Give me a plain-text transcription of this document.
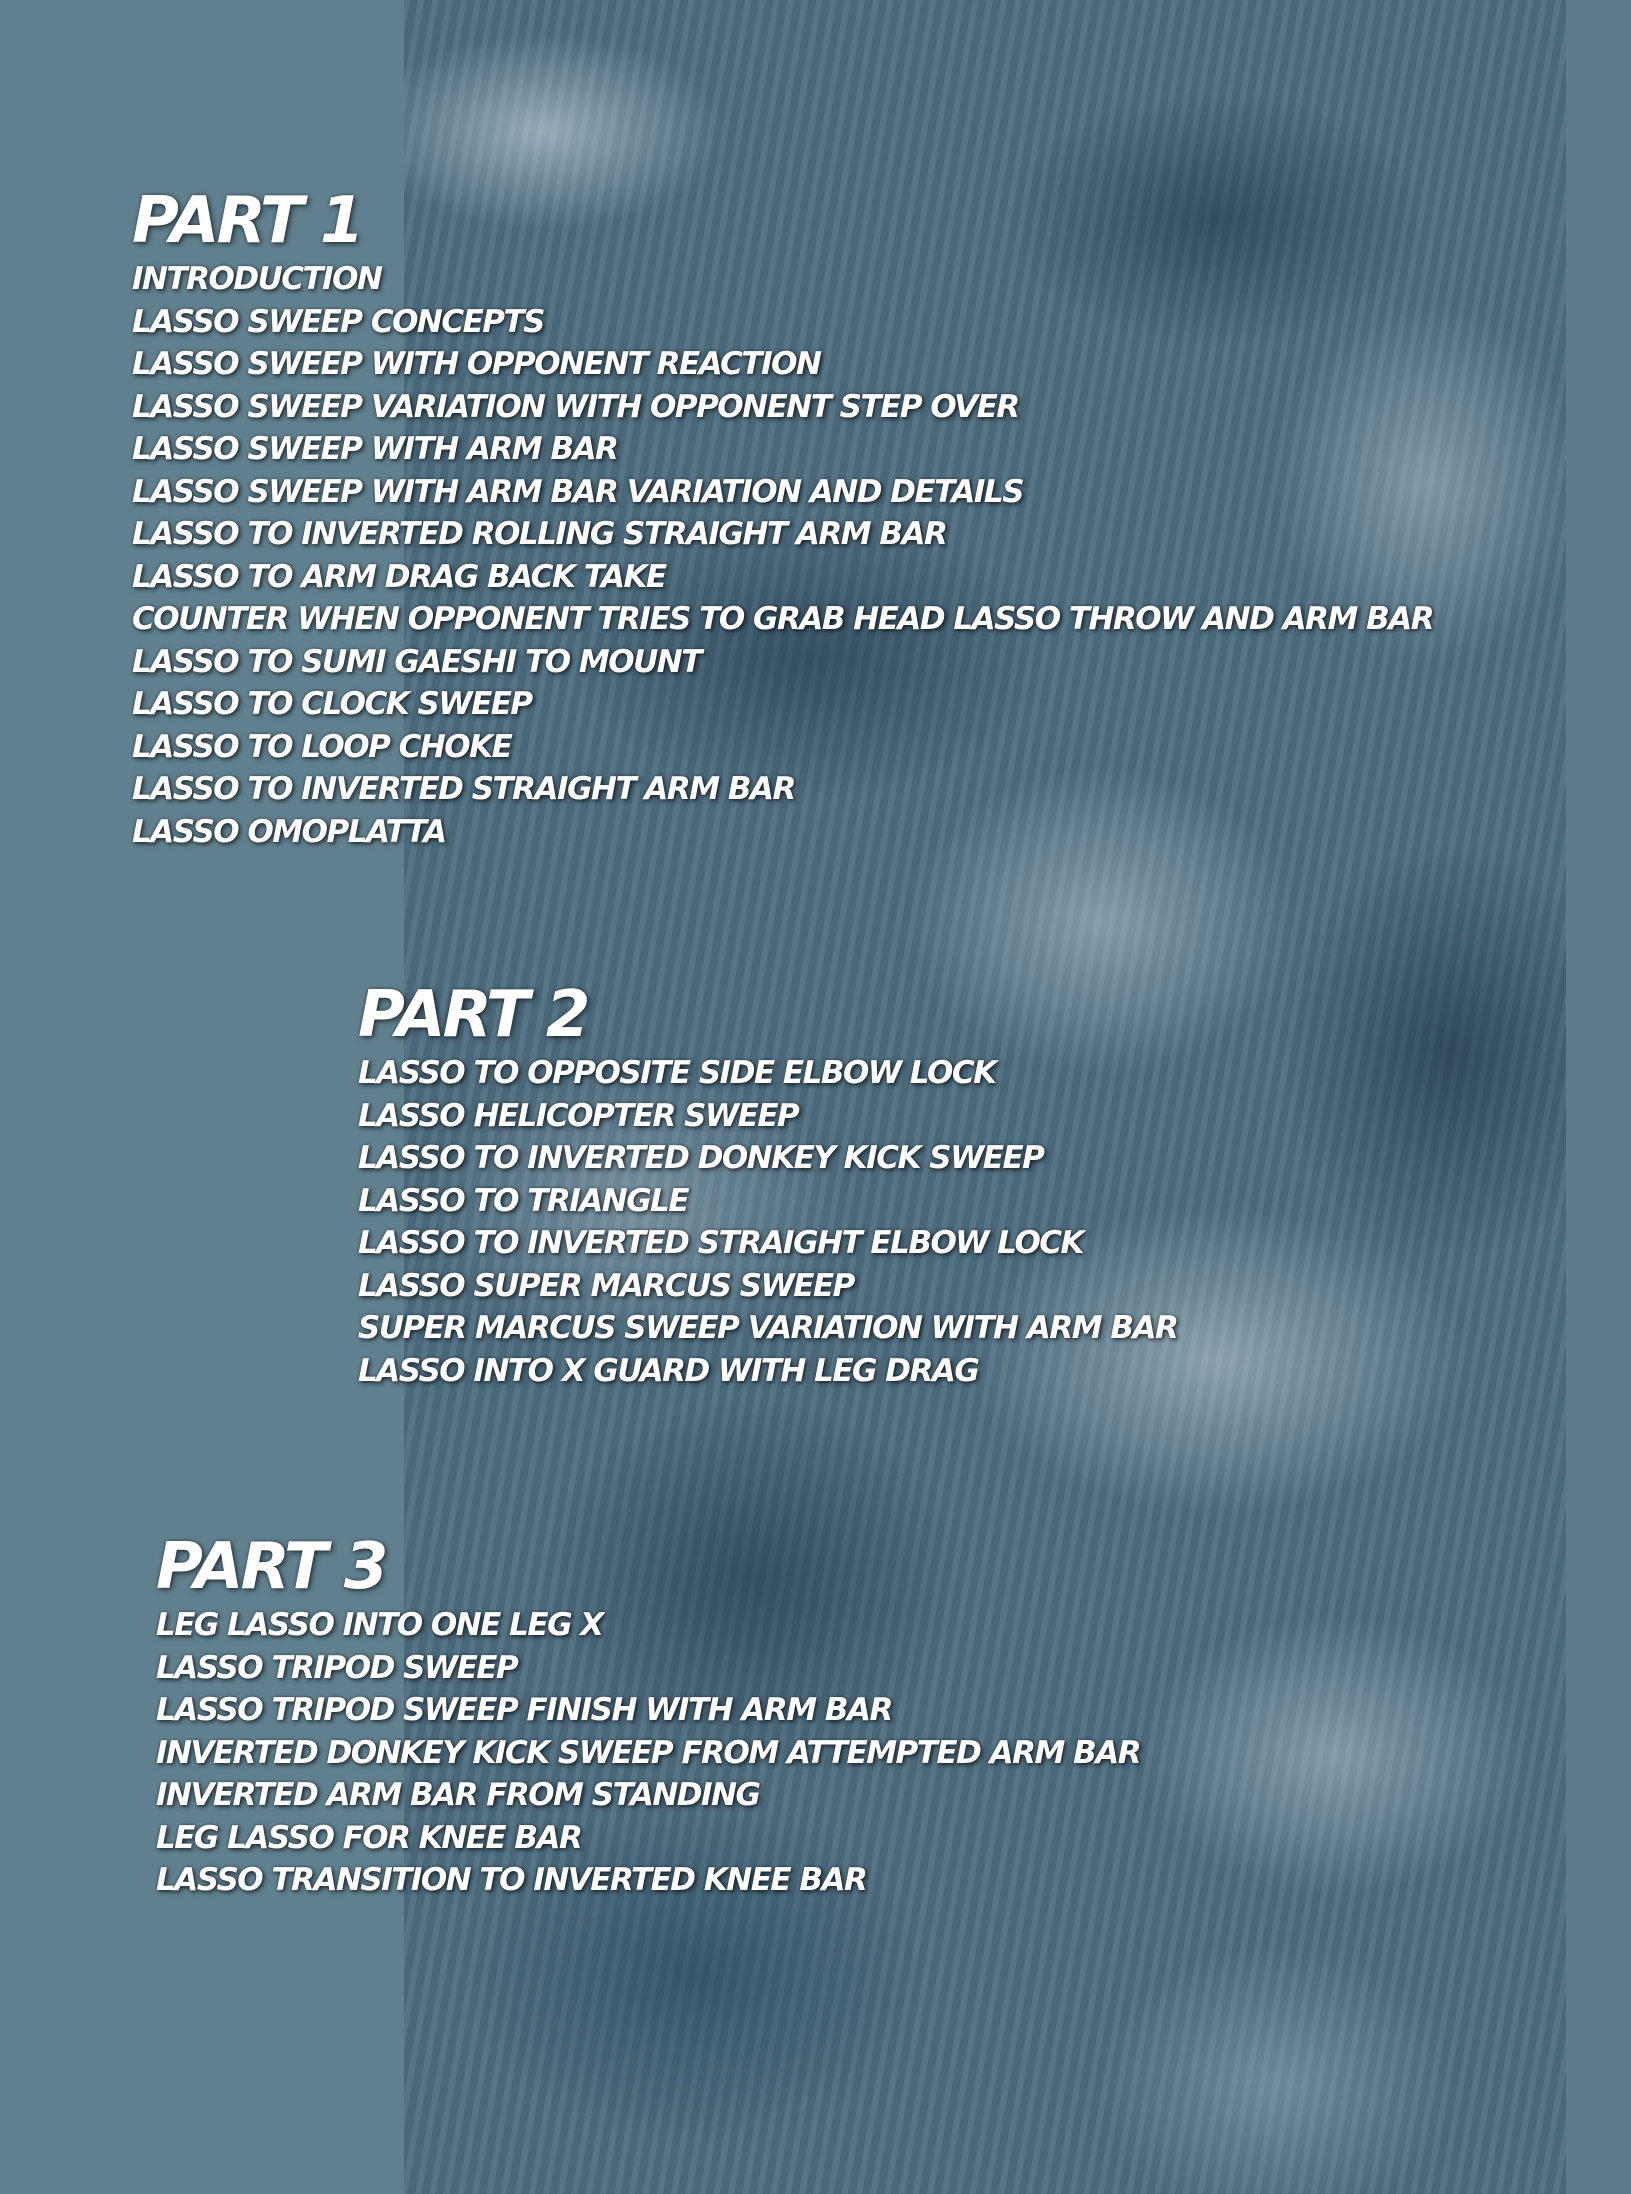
PART 1
INTRODUCTION
LASSO SWEEP CONCEPTS
LASSO SWEEP WITH OPPONENT REACTION
LASSO SWEEP VARIATION WITH OPPONENT STEP OVER
LASSO SWEEP WITH ARM BAR
LASSO SWEEP WITH ARM BAR VARIATION AND DETAILS
LASSO TO INVERTED ROLLING STRAIGHT ARM BAR
LASSO TO ARM DRAG BACK TAKE
COUNTER WHEN OPPONENT TRIES TO GRAB HEAD LASSO THROW AND ARM BAR
LASSO TO SUMI GAESHI TO MOUNT
LASSO TO CLOCK SWEEP
LASSO TO LOOP CHOKE
LASSO TO INVERTED STRAIGHT ARM BAR
LASSO OMOPLATTA
PART 2
LASSO TO OPPOSITE SIDE ELBOW LOCK
LASSO HELICOPTER SWEEP
LASSO TO INVERTED DONKEY KICK SWEEP
LASSO TO TRIANGLE
LASSO TO INVERTED STRAIGHT ELBOW LOCK
LASSO SUPER MARCUS SWEEP
SUPER MARCUS SWEEP VARIATION WITH ARM BAR
LASSO INTO X GUARD WITH LEG DRAG
PART 3
LEG LASSO INTO ONE LEG X
LASSO TRIPOD SWEEP
LASSO TRIPOD SWEEP FINISH WITH ARM BAR
INVERTED DONKEY KICK SWEEP FROM ATTEMPTED ARM BAR
INVERTED ARM BAR FROM STANDING
LEG LASSO FOR KNEE BAR
LASSO TRANSITION TO INVERTED KNEE BAR
